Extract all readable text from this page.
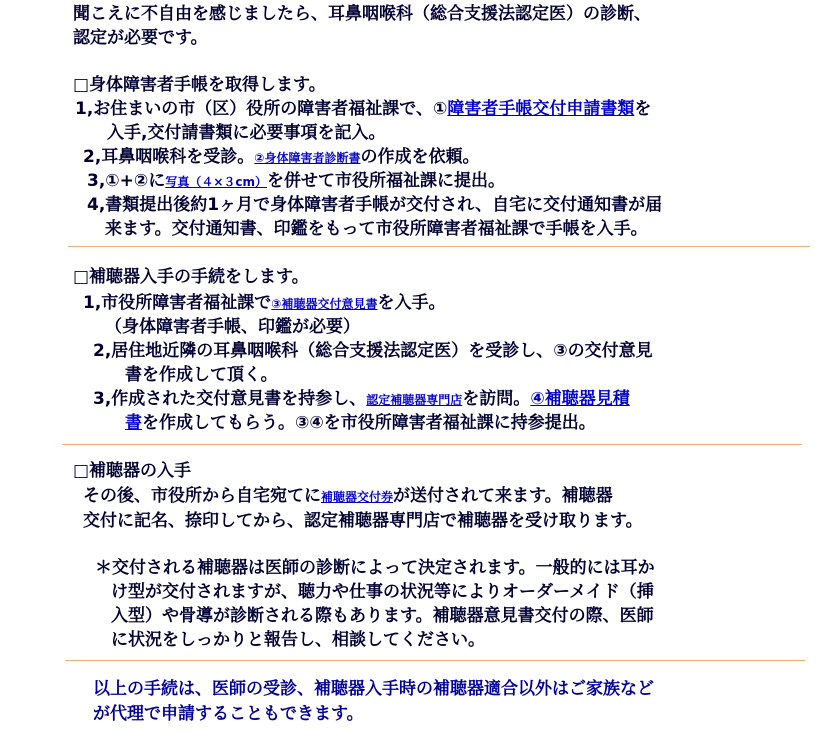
聞こえに不自由を感じましたら、耳鼻咽喉科（総合支援法認定医）の診断、
認定が必要です。
□身体障害者手帳を取得します。
1,お住まいの市（区）役所の障害者福祉課で、①障害者手帳交付申請書類を
入手,交付請書類に必要事項を記入。
2,耳鼻咽喉科を受診。②身体障害者診断書の作成を依頼。
3,①+②に写真（４×３cm）を併せて市役所福祉課に提出。
4,書類提出後約1ヶ月で身体障害者手帳が交付され、自宅に交付通知書が届
来ます。交付通知書、印鑑をもって市役所障害者福祉課で手帳を入手。
□補聴器入手の手続をします。
1,市役所障害者福祉課で③補聴器交付意見書を入手。
（身体障害者手帳、印鑑が必要）
2,居住地近隣の耳鼻咽喉科（総合支援法認定医）を受診し、③の交付意見
書を作成して頂く。
3,作成された交付意見書を持参し、認定補聴器専門店を訪問。④補聴器見積
書を作成してもらう。③④を市役所障害者福祉課に持参提出。
□補聴器の入手
その後、市役所から自宅宛てに補聴器交付券が送付されて来ます。補聴器
交付に記名、捺印してから、認定補聴器専門店で補聴器を受け取ります。
＊交付される補聴器は医師の診断によって決定されます。一般的には耳か
け型が交付されますが、聴力や仕事の状況等によりオーダーメイド（挿
入型）や骨導が診断される際もあります。補聴器意見書交付の際、医師
に状況をしっかりと報告し、相談してください。
以上の手続は、医師の受診、補聴器入手時の補聴器適合以外はご家族など
が代理で申請することもできます。
